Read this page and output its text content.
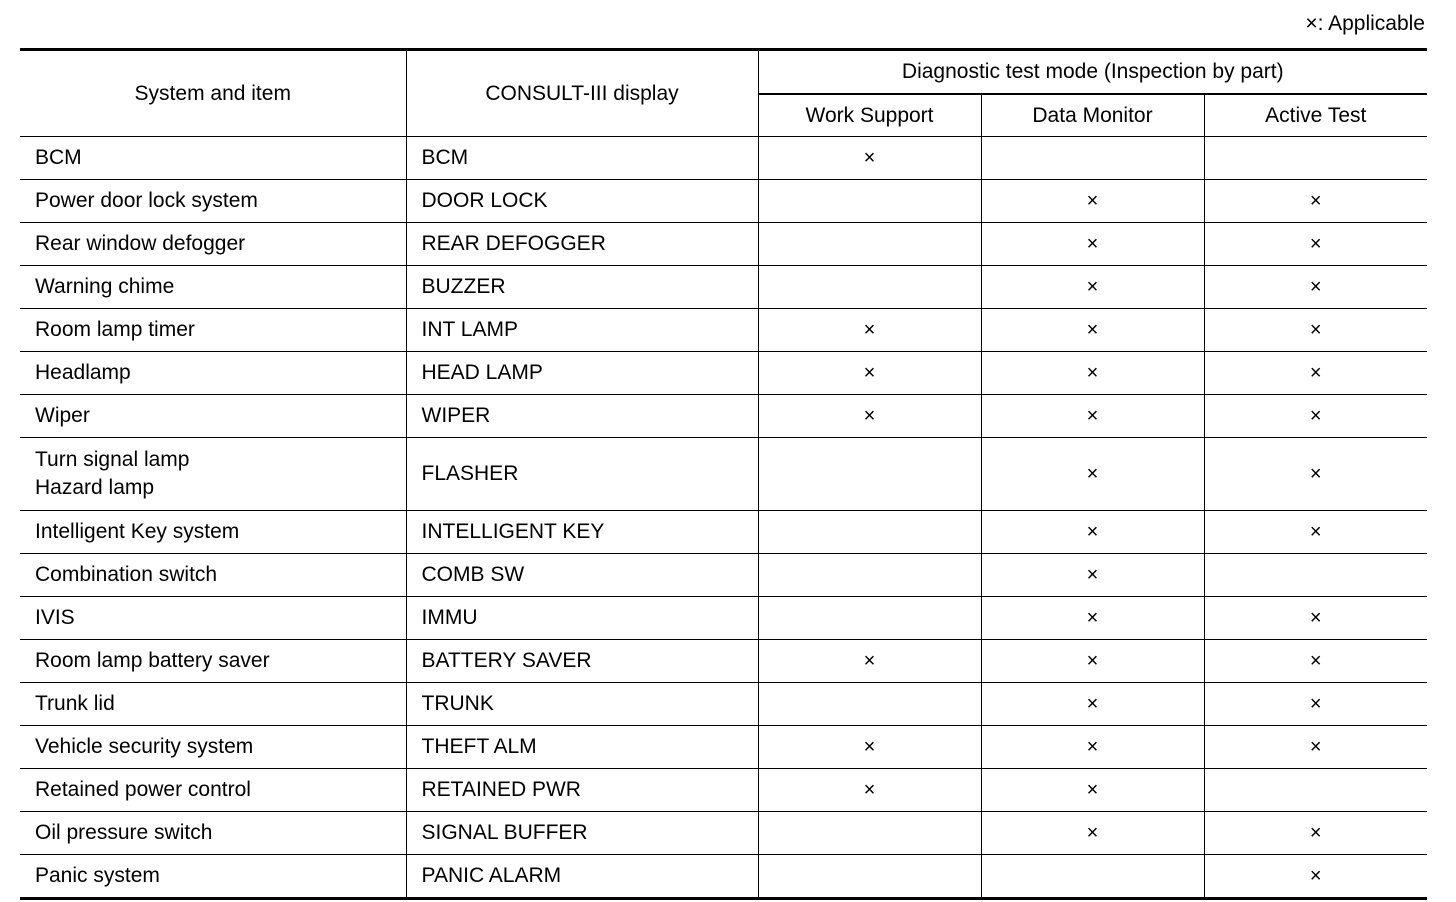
×: Applicable
System and item	CONSULT-III display	Diagnostic test mode (Inspection by part)		
		Work Support	Data Monitor	Active Test

BCM	BCM	×		

Power door lock system	DOOR LOCK		×	×

Rear window defogger	REAR DEFOGGER		×	×

Warning chime	BUZZER		×	×

Room lamp timer	INT LAMP	×	×	×

Headlamp	HEAD LAMP	×	×	×

Wiper	WIPER	×	×	×

Turn signal lamp
Hazard lamp	FLASHER		×	×

Intelligent Key system	INTELLIGENT KEY		×	×

Combination switch	COMB SW		×	

IVIS	IMMU		×	×

Room lamp battery saver	BATTERY SAVER	×	×	×

Trunk lid	TRUNK		×	×

Vehicle security system	THEFT ALM	×	×	×

Retained power control	RETAINED PWR	×	×	

Oil pressure switch	SIGNAL BUFFER		×	×

Panic system	PANIC ALARM			×
